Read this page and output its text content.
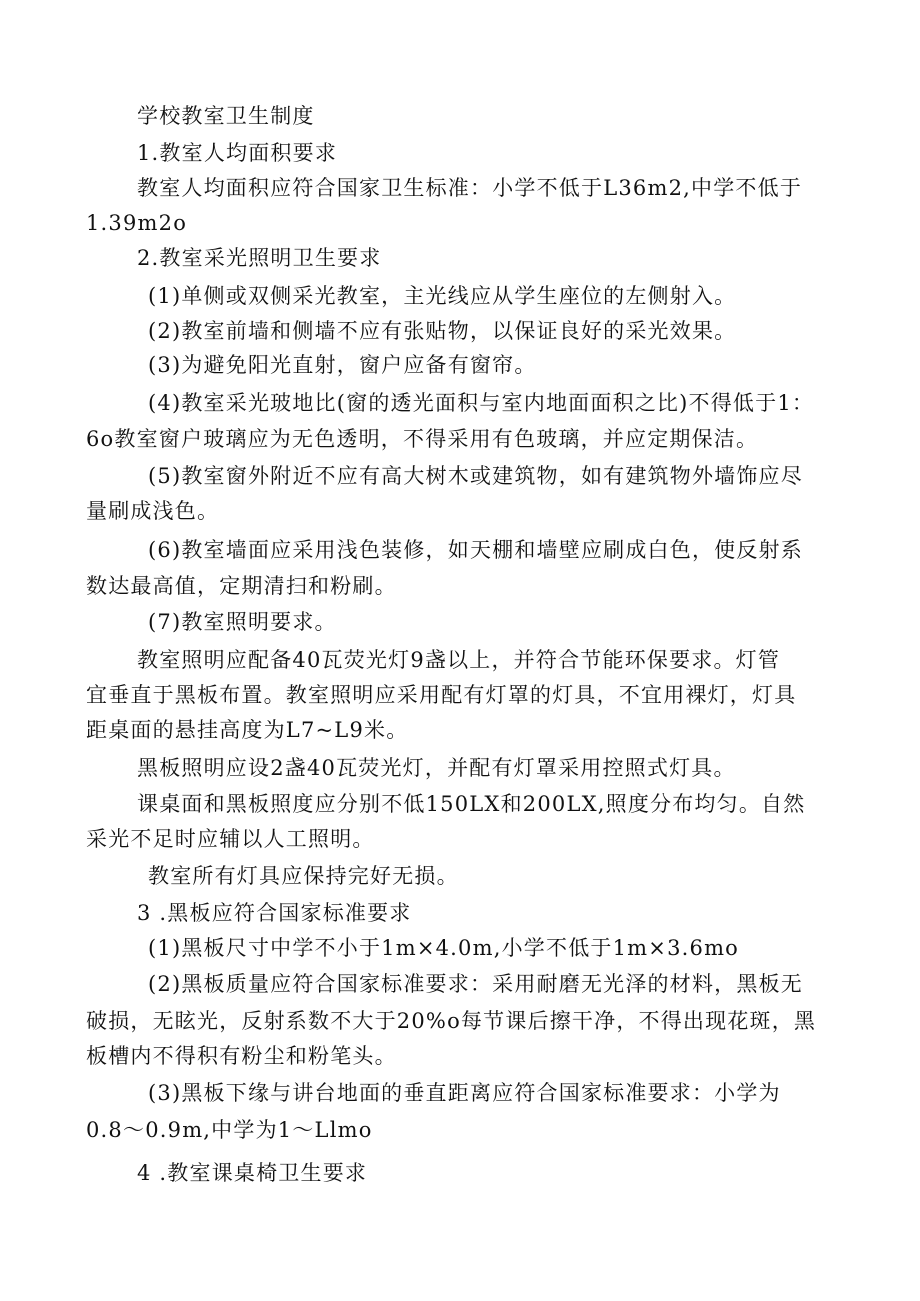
学校教室卫生制度
1.教室人均面积要求
教室人均面积应符合国家卫生标准：小学不低于L36m2,中学不低于
1.39m2o
2.教室采光照明卫生要求
(1)单侧或双侧采光教室，主光线应从学生座位的左侧射入。
(2)教室前墙和侧墙不应有张贴物，以保证良好的采光效果。
(3)为避免阳光直射，窗户应备有窗帘。
(4)教室采光玻地比(窗的透光面积与室内地面面积之比)不得低于1：
6o教室窗户玻璃应为无色透明，不得采用有色玻璃，并应定期保洁。
(5)教室窗外附近不应有高大树木或建筑物，如有建筑物外墙饰应尽
量刷成浅色。
(6)教室墙面应采用浅色装修，如天棚和墙壁应刷成白色，使反射系
数达最高值，定期清扫和粉刷。
(7)教室照明要求。
教室照明应配备40瓦荧光灯9盏以上，并符合节能环保要求。灯管
宜垂直于黑板布置。教室照明应采用配有灯罩的灯具，不宜用裸灯，灯具
距桌面的悬挂高度为L7~L9米。
黑板照明应设2盏40瓦荧光灯，并配有灯罩采用控照式灯具。
课桌面和黑板照度应分别不低150LX和200LX,照度分布均匀。自然
采光不足时应辅以人工照明。
教室所有灯具应保持完好无损。
3 .黑板应符合国家标准要求
(1)黑板尺寸中学不小于1m×4.0m,小学不低于1m×3.6mo
(2)黑板质量应符合国家标准要求：采用耐磨无光泽的材料，黑板无
破损，无眩光，反射系数不大于20%o每节课后擦干净，不得出现花斑，黑
板槽内不得积有粉尘和粉笔头。
(3)黑板下缘与讲台地面的垂直距离应符合国家标准要求：小学为
0.8～0.9m,中学为1～Llmo
4 .教室课桌椅卫生要求
